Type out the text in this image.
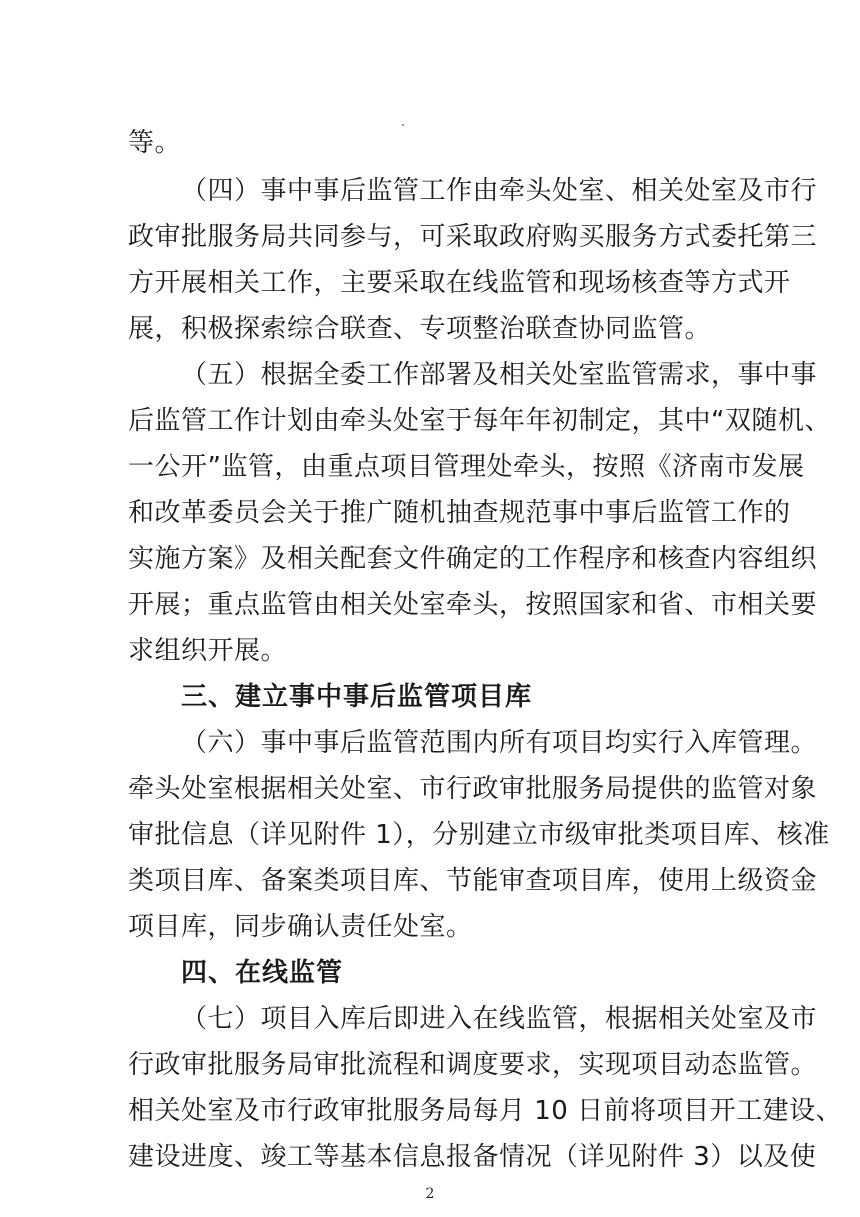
等。
（四）事中事后监管工作由牵头处室、相关处室及市行
政审批服务局共同参与，可采取政府购买服务方式委托第三
方开展相关工作，主要采取在线监管和现场核查等方式开
展，积极探索综合联查、专项整治联查协同监管。
（五）根据全委工作部署及相关处室监管需求，事中事
后监管工作计划由牵头处室于每年年初制定，其中“双随机、
一公开”监管，由重点项目管理处牵头，按照《济南市发展
和改革委员会关于推广随机抽查规范事中事后监管工作的
实施方案》及相关配套文件确定的工作程序和核查内容组织
开展；重点监管由相关处室牵头，按照国家和省、市相关要
求组织开展。
三、建立事中事后监管项目库
（六）事中事后监管范围内所有项目均实行入库管理。
牵头处室根据相关处室、市行政审批服务局提供的监管对象
审批信息（详见附件 1），分别建立市级审批类项目库、核准
类项目库、备案类项目库、节能审查项目库，使用上级资金
项目库，同步确认责任处室。
四、在线监管
（七）项目入库后即进入在线监管，根据相关处室及市
行政审批服务局审批流程和调度要求，实现项目动态监管。
相关处室及市行政审批服务局每月 10 日前将项目开工建设、
建设进度、竣工等基本信息报备情况（详见附件 3）以及使
2
